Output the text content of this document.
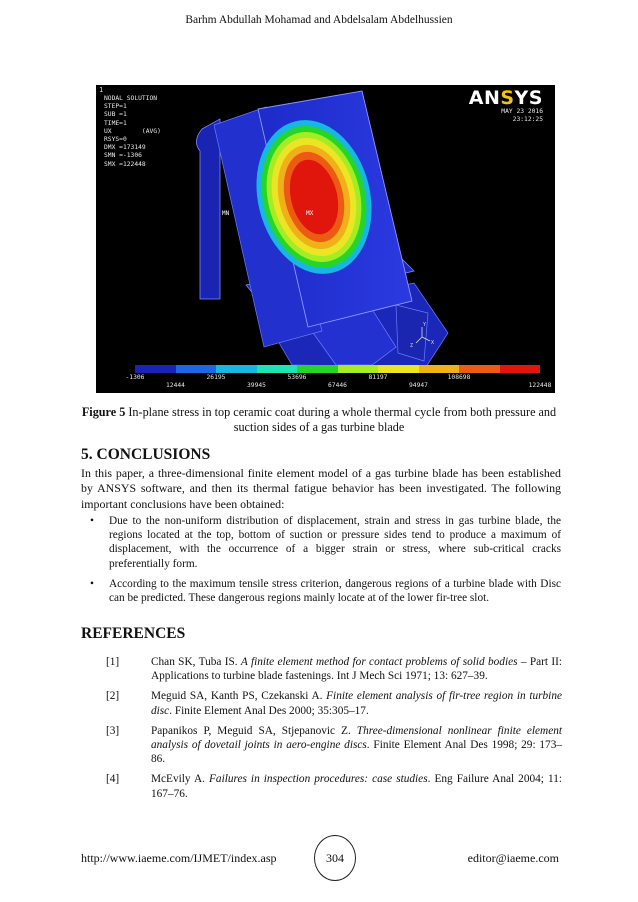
Barhm Abdullah Mohamad and Abdelsalam Abdelhussien
MX
MN
Y
X
Z
1
NODAL SOLUTION
STEP=1
SUB =1
TIME=1
UX        (AVG)
RSYS=0
DMX =173149
SMN =-1306
SMX =122448
ANSYS
MAY 23 2016
23:12:25
-1306	26195	53696	81197	108698
12444	39945	67446	94947	122448
Figure 5 In-plane stress in top ceramic coat during a whole thermal cycle from both pressure and suction sides of a gas turbine blade
5. CONCLUSIONS

In this paper, a three-dimensional finite element model of a gas turbine blade has been established by ANSYS software, and then its thermal fatigue behavior has been investigated. The following important conclusions have been obtained:

• Due to the non-uniform distribution of displacement, strain and stress in gas turbine blade, the regions located at the top, bottom of suction or pressure sides tend to produce a maximum of displacement, with the occurrence of a bigger strain or stress, where sub-critical cracks preferentially form.
• According to the maximum tensile stress criterion, dangerous regions of a turbine blade with Disc can be predicted. These dangerous regions mainly locate at of the lower fir-tree slot.
REFERENCES
[1]	Chan SK, Tuba IS. A finite element method for contact problems of solid bodies – Part II: Applications to turbine blade fastenings. Int J Mech Sci 1971; 13: 627–39.
[2]	Meguid SA, Kanth PS, Czekanski A. Finite element analysis of fir-tree region in turbine disc. Finite Element Anal Des 2000; 35:305–17.
[3]	Papanikos P, Meguid SA, Stjepanovic Z. Three-dimensional nonlinear finite element analysis of dovetail joints in aero-engine discs. Finite Element Anal Des 1998; 29: 173–86.
[4]	McEvily A. Failures in inspection procedures: case studies. Eng Failure Anal 2004; 11: 167–76.
http://www.iaeme.com/IJMET/index.asp	304	editor@iaeme.com
